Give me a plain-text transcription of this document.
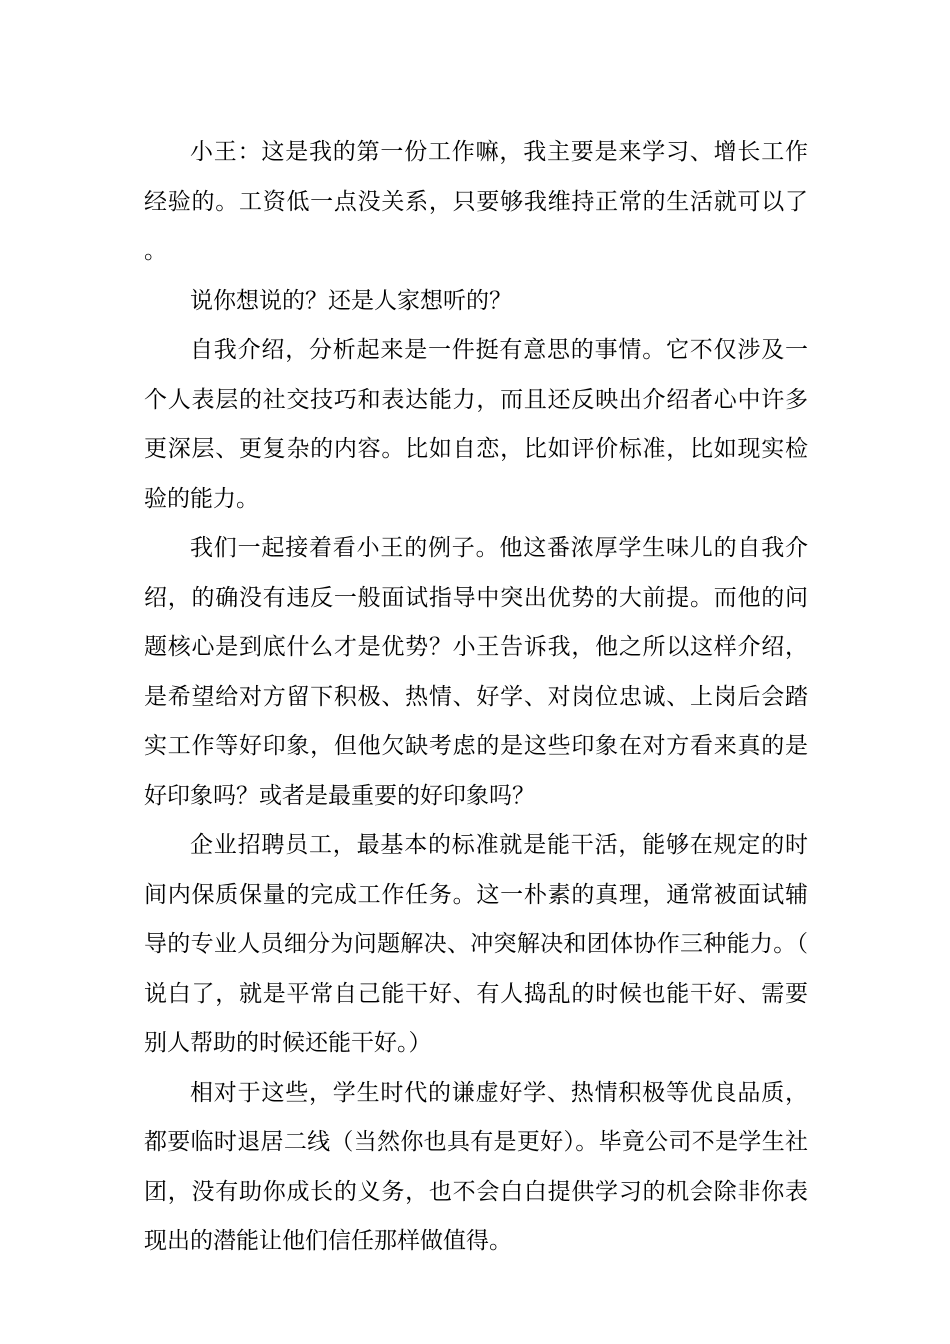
小王：这是我的第一份工作嘛，我主要是来学习、增长工作经验的。工资低一点没关系，只要够我维持正常的生活就可以了。

说你想说的？还是人家想听的？

自我介绍，分析起来是一件挺有意思的事情。它不仅涉及一个人表层的社交技巧和表达能力，而且还反映出介绍者心中许多更深层、更复杂的内容。比如自恋，比如评价标准，比如现实检验的能力。

我们一起接着看小王的例子。他这番浓厚学生味儿的自我介绍，的确没有违反一般面试指导中突出优势的大前提。而他的问题核心是到底什么才是优势？小王告诉我，他之所以这样介绍，是希望给对方留下积极、热情、好学、对岗位忠诚、上岗后会踏实工作等好印象，但他欠缺考虑的是这些印象在对方看来真的是好印象吗？或者是最重要的好印象吗？

企业招聘员工，最基本的标准就是能干活，能够在规定的时间内保质保量的完成工作任务。这一朴素的真理，通常被面试辅导的专业人员细分为问题解决、冲突解决和团体协作三种能力。（说白了，就是平常自己能干好、有人捣乱的时候也能干好、需要别人帮助的时候还能干好。）

相对于这些，学生时代的谦虚好学、热情积极等优良品质，都要临时退居二线（当然你也具有是更好）。毕竟公司不是学生社团，没有助你成长的义务，也不会白白提供学习的机会除非你表现出的潜能让他们信任那样做值得。
